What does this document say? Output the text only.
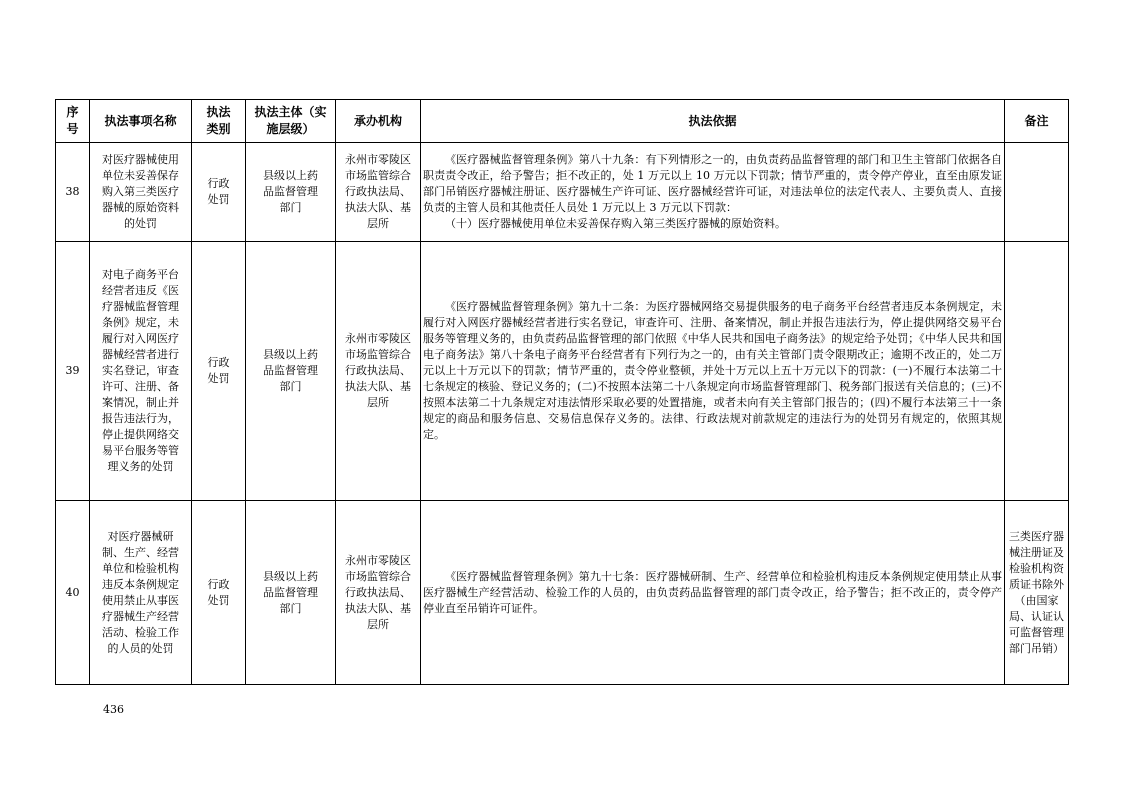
序号	执法事项名称	执法类别	执法主体（实施层级）	承办机构	执法依据	备注
38	对医疗器械使用单位未妥善保存购入第三类医疗器械的原始资料的处罚	行政处罚	县级以上药品监督管理部门	永州市零陵区市场监管综合行政执法局、执法大队、基层所	《医疗器械监督管理条例》第八十九条：有下列情形之一的，由负责药品监督管理的部门和卫生主管部门依据各自职责责令改正，给予警告；拒不改正的，处 1 万元以上 10 万元以下罚款；情节严重的，责令停产停业，直至由原发证部门吊销医疗器械注册证、医疗器械生产许可证、医疗器械经营许可证，对违法单位的法定代表人、主要负责人、直接负责的主管人员和其他责任人员处 1 万元以上 3 万元以下罚款：
（十）医疗器械使用单位未妥善保存购入第三类医疗器械的原始资料。	

39	对电子商务平台经营者违反《医疗器械监督管理条例》规定，未履行对入网医疗器械经营者进行实名登记，审查许可、注册、备案情况，制止并报告违法行为，停止提供网络交易平台服务等管理义务的处罚	行政处罚	县级以上药品监督管理部门	永州市零陵区市场监管综合行政执法局、执法大队、基层所	《医疗器械监督管理条例》第九十二条：为医疗器械网络交易提供服务的电子商务平台经营者违反本条例规定，未履行对入网医疗器械经营者进行实名登记，审查许可、注册、备案情况，制止并报告违法行为，停止提供网络交易平台服务等管理义务的，由负责药品监督管理的部门依照《中华人民共和国电子商务法》的规定给予处罚；《中华人民共和国电子商务法》第八十条电子商务平台经营者有下列行为之一的，由有关主管部门责令限期改正；逾期不改正的，处二万元以上十万元以下的罚款；情节严重的，责令停业整顿，并处十万元以上五十万元以下的罚款：(一)不履行本法第二十七条规定的核验、登记义务的；(二)不按照本法第二十八条规定向市场监督管理部门、税务部门报送有关信息的；(三)不按照本法第二十九条规定对违法情形采取必要的处置措施，或者未向有关主管部门报告的；(四)不履行本法第三十一条规定的商品和服务信息、交易信息保存义务的。法律、行政法规对前款规定的违法行为的处罚另有规定的，依照其规定。	

40	对医疗器械研制、生产、经营单位和检验机构违反本条例规定使用禁止从事医疗器械生产经营活动、检验工作的人员的处罚	行政处罚	县级以上药品监督管理部门	永州市零陵区市场监管综合行政执法局、执法大队、基层所	《医疗器械监督管理条例》第九十七条：医疗器械研制、生产、经营单位和检验机构违反本条例规定使用禁止从事医疗器械生产经营活动、检验工作的人员的，由负责药品监督管理的部门责令改正，给予警告；拒不改正的，责令停产停业直至吊销许可证件。	三类医疗器械注册证及检验机构资质证书除外（由国家局、认证认可监督管理部门吊销）
436
